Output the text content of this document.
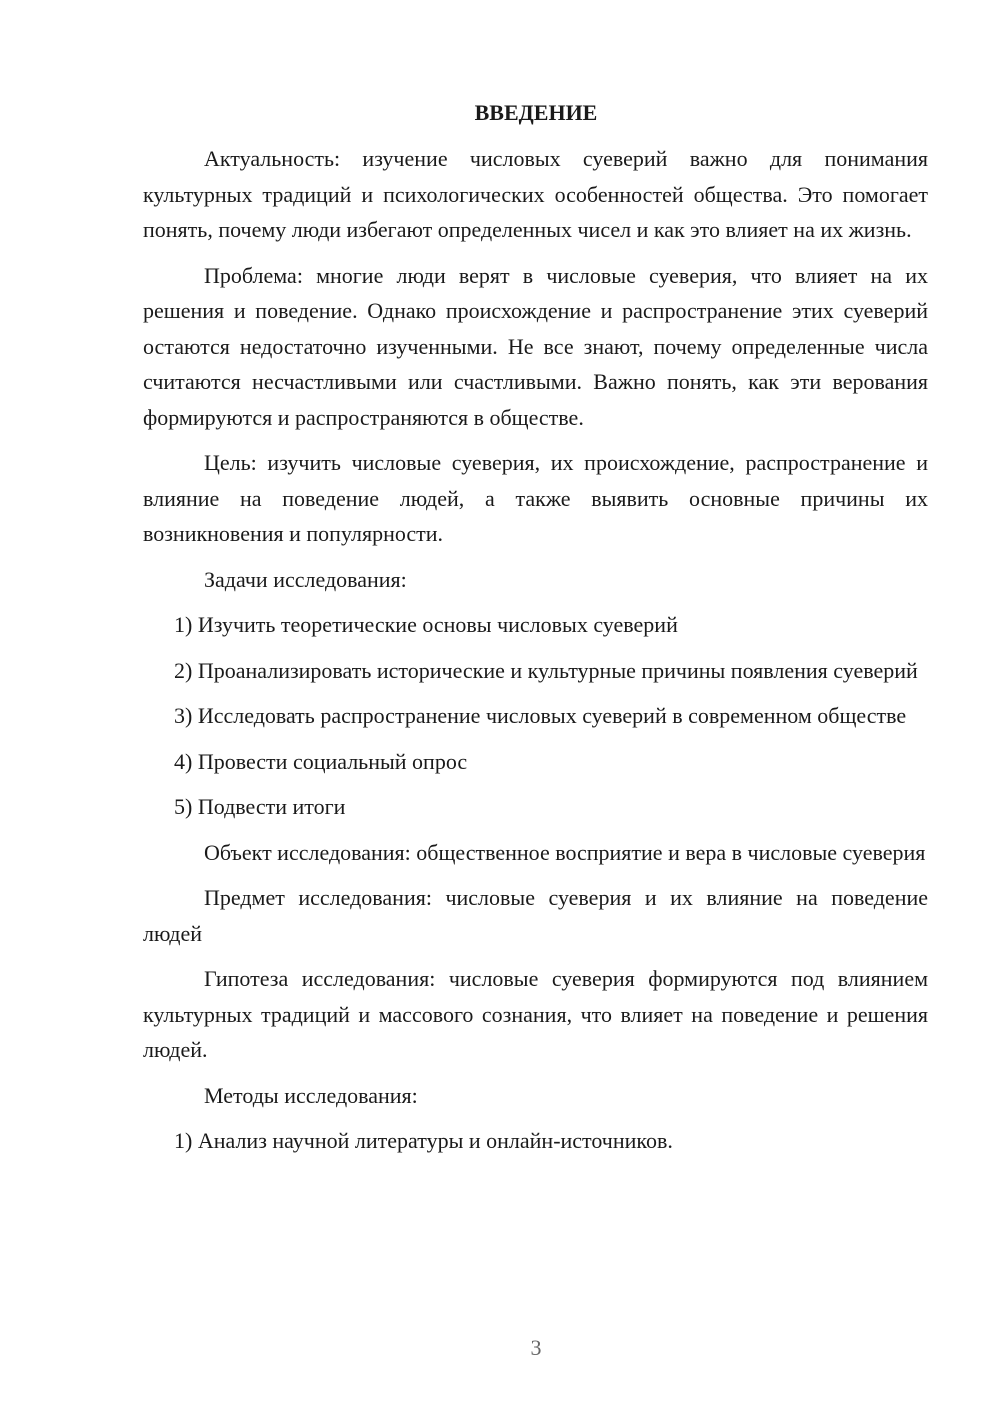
ВВЕДЕНИЕ

Актуальность: изучение числовых суеверий важно для понимания культурных традиций и психологических особенностей общества. Это помогает понять, почему люди избегают определенных чисел и как это влияет на их жизнь.

Проблема: многие люди верят в числовые суеверия, что влияет на их решения и поведение. Однако происхождение и распространение этих суеверий остаются недостаточно изученными. Не все знают, почему определенные числа считаются несчастливыми или счастливыми. Важно понять, как эти верования формируются и распространяются в обществе.

Цель: изучить числовые суеверия, их происхождение, распространение и влияние на поведение людей, а также выявить основные причины их возникновения и популярности.

Задачи исследования:

1) Изучить теоретические основы числовых суеверий

2) Проанализировать исторические и культурные причины появления суеверий

3) Исследовать распространение числовых суеверий в современном обществе

4) Провести социальный опрос

5) Подвести итоги

Объект исследования: общественное восприятие и вера в числовые суеверия

Предмет исследования: числовые суеверия и их влияние на поведение людей

Гипотеза исследования: числовые суеверия формируются под влиянием культурных традиций и массового сознания, что влияет на поведение и решения людей.

Методы исследования:

1) Анализ научной литературы и онлайн-источников.

3
